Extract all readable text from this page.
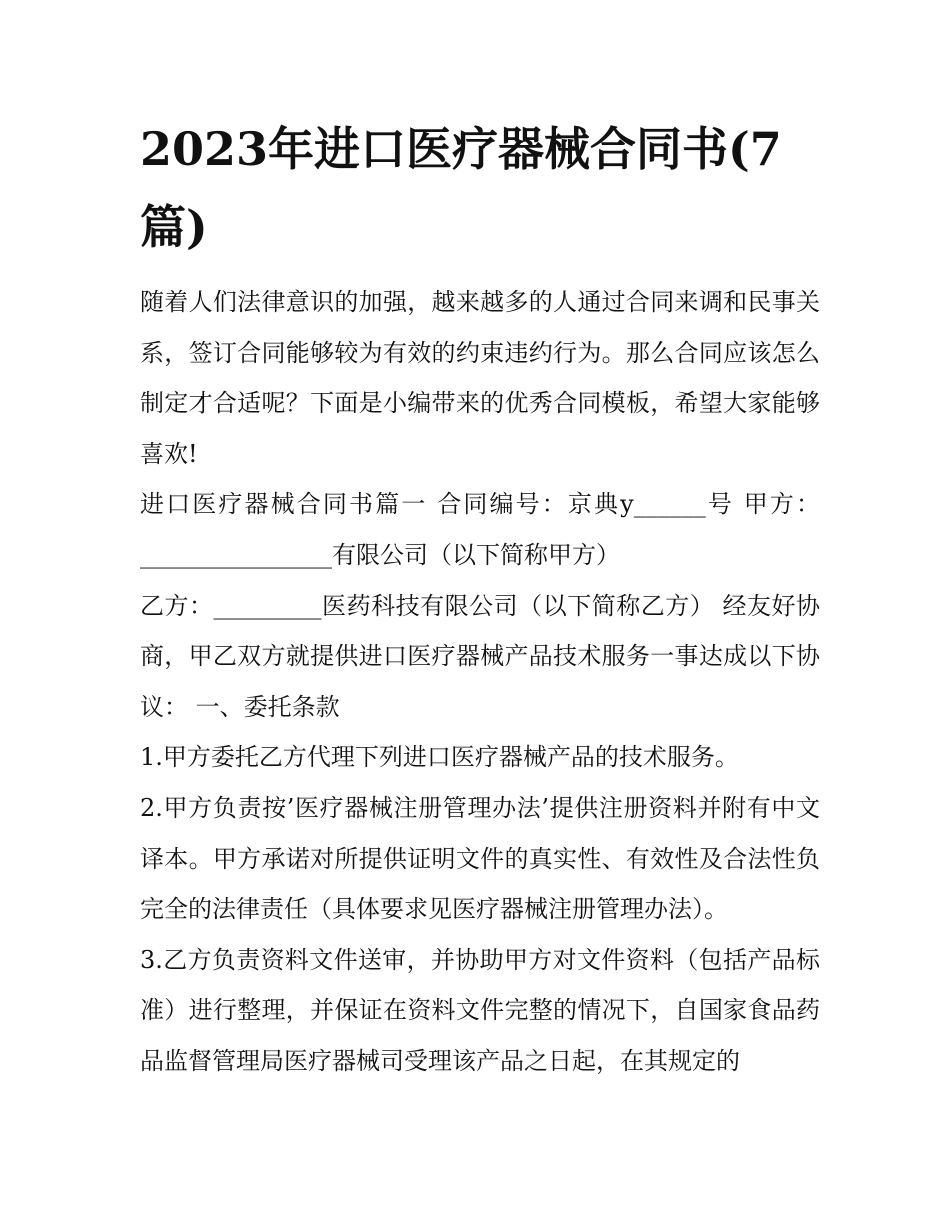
2023年进口医疗器械合同书(7篇)

随着人们法律意识的加强，越来越多的人通过合同来调和民事关系，签订合同能够较为有效的约束违约行为。那么合同应该怎么制定才合适呢？下面是小编带来的优秀合同模板，希望大家能够喜欢!

进口医疗器械合同书篇一 合同编号：京典y______号 甲方：________________有限公司（以下简称甲方）

乙方：_________医药科技有限公司（以下简称乙方） 经友好协商，甲乙双方就提供进口医疗器械产品技术服务一事达成以下协议： 一、委托条款

1.甲方委托乙方代理下列进口医疗器械产品的技术服务。

2.甲方负责按’医疗器械注册管理办法’提供注册资料并附有中文译本。甲方承诺对所提供证明文件的真实性、有效性及合法性负完全的法律责任（具体要求见医疗器械注册管理办法）。

3.乙方负责资料文件送审，并协助甲方对文件资料（包括产品标准）进行整理，并保证在资料文件完整的情况下，自国家食品药品监督管理局医疗器械司受理该产品之日起，在其规定的
